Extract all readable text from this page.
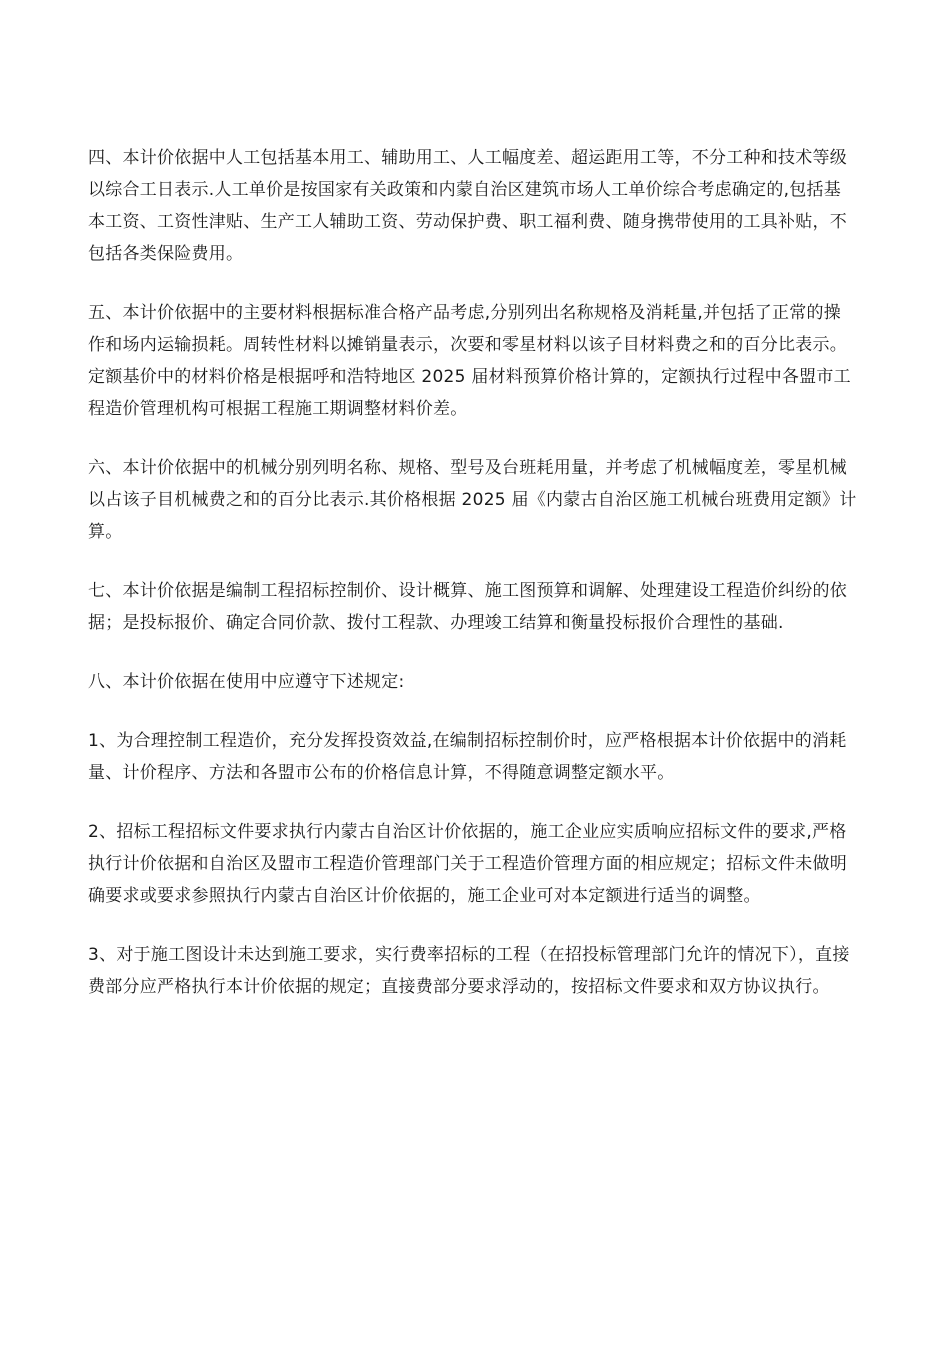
四、本计价依据中人工包括基本用工、辅助用工、人工幅度差、超运距用工等，不分工种和技术等级以综合工日表示.人工单价是按国家有关政策和内蒙自治区建筑市场人工单价综合考虑确定的,包括基本工资、工资性津贴、生产工人辅助工资、劳动保护费、职工福利费、随身携带使用的工具补贴，不包括各类保险费用。

五、本计价依据中的主要材料根据标准合格产品考虑,分别列出名称规格及消耗量,并包括了正常的操作和场内运输损耗。周转性材料以摊销量表示，次要和零星材料以该子目材料费之和的百分比表示。定额基价中的材料价格是根据呼和浩特地区 2025 届材料预算价格计算的，定额执行过程中各盟市工程造价管理机构可根据工程施工期调整材料价差。

六、本计价依据中的机械分别列明名称、规格、型号及台班耗用量，并考虑了机械幅度差，零星机械以占该子目机械费之和的百分比表示.其价格根据 2025 届《内蒙古自治区施工机械台班费用定额》计算。

七、本计价依据是编制工程招标控制价、设计概算、施工图预算和调解、处理建设工程造价纠纷的依据；是投标报价、确定合同价款、拨付工程款、办理竣工结算和衡量投标报价合理性的基础.

八、本计价依据在使用中应遵守下述规定:

1、为合理控制工程造价，充分发挥投资效益,在编制招标控制价时，应严格根据本计价依据中的消耗量、计价程序、方法和各盟市公布的价格信息计算，不得随意调整定额水平。

2、招标工程招标文件要求执行内蒙古自治区计价依据的，施工企业应实质响应招标文件的要求,严格执行计价依据和自治区及盟市工程造价管理部门关于工程造价管理方面的相应规定；招标文件未做明确要求或要求参照执行内蒙古自治区计价依据的，施工企业可对本定额进行适当的调整。

3、对于施工图设计未达到施工要求，实行费率招标的工程（在招投标管理部门允许的情况下），直接费部分应严格执行本计价依据的规定；直接费部分要求浮动的，按招标文件要求和双方协议执行。
